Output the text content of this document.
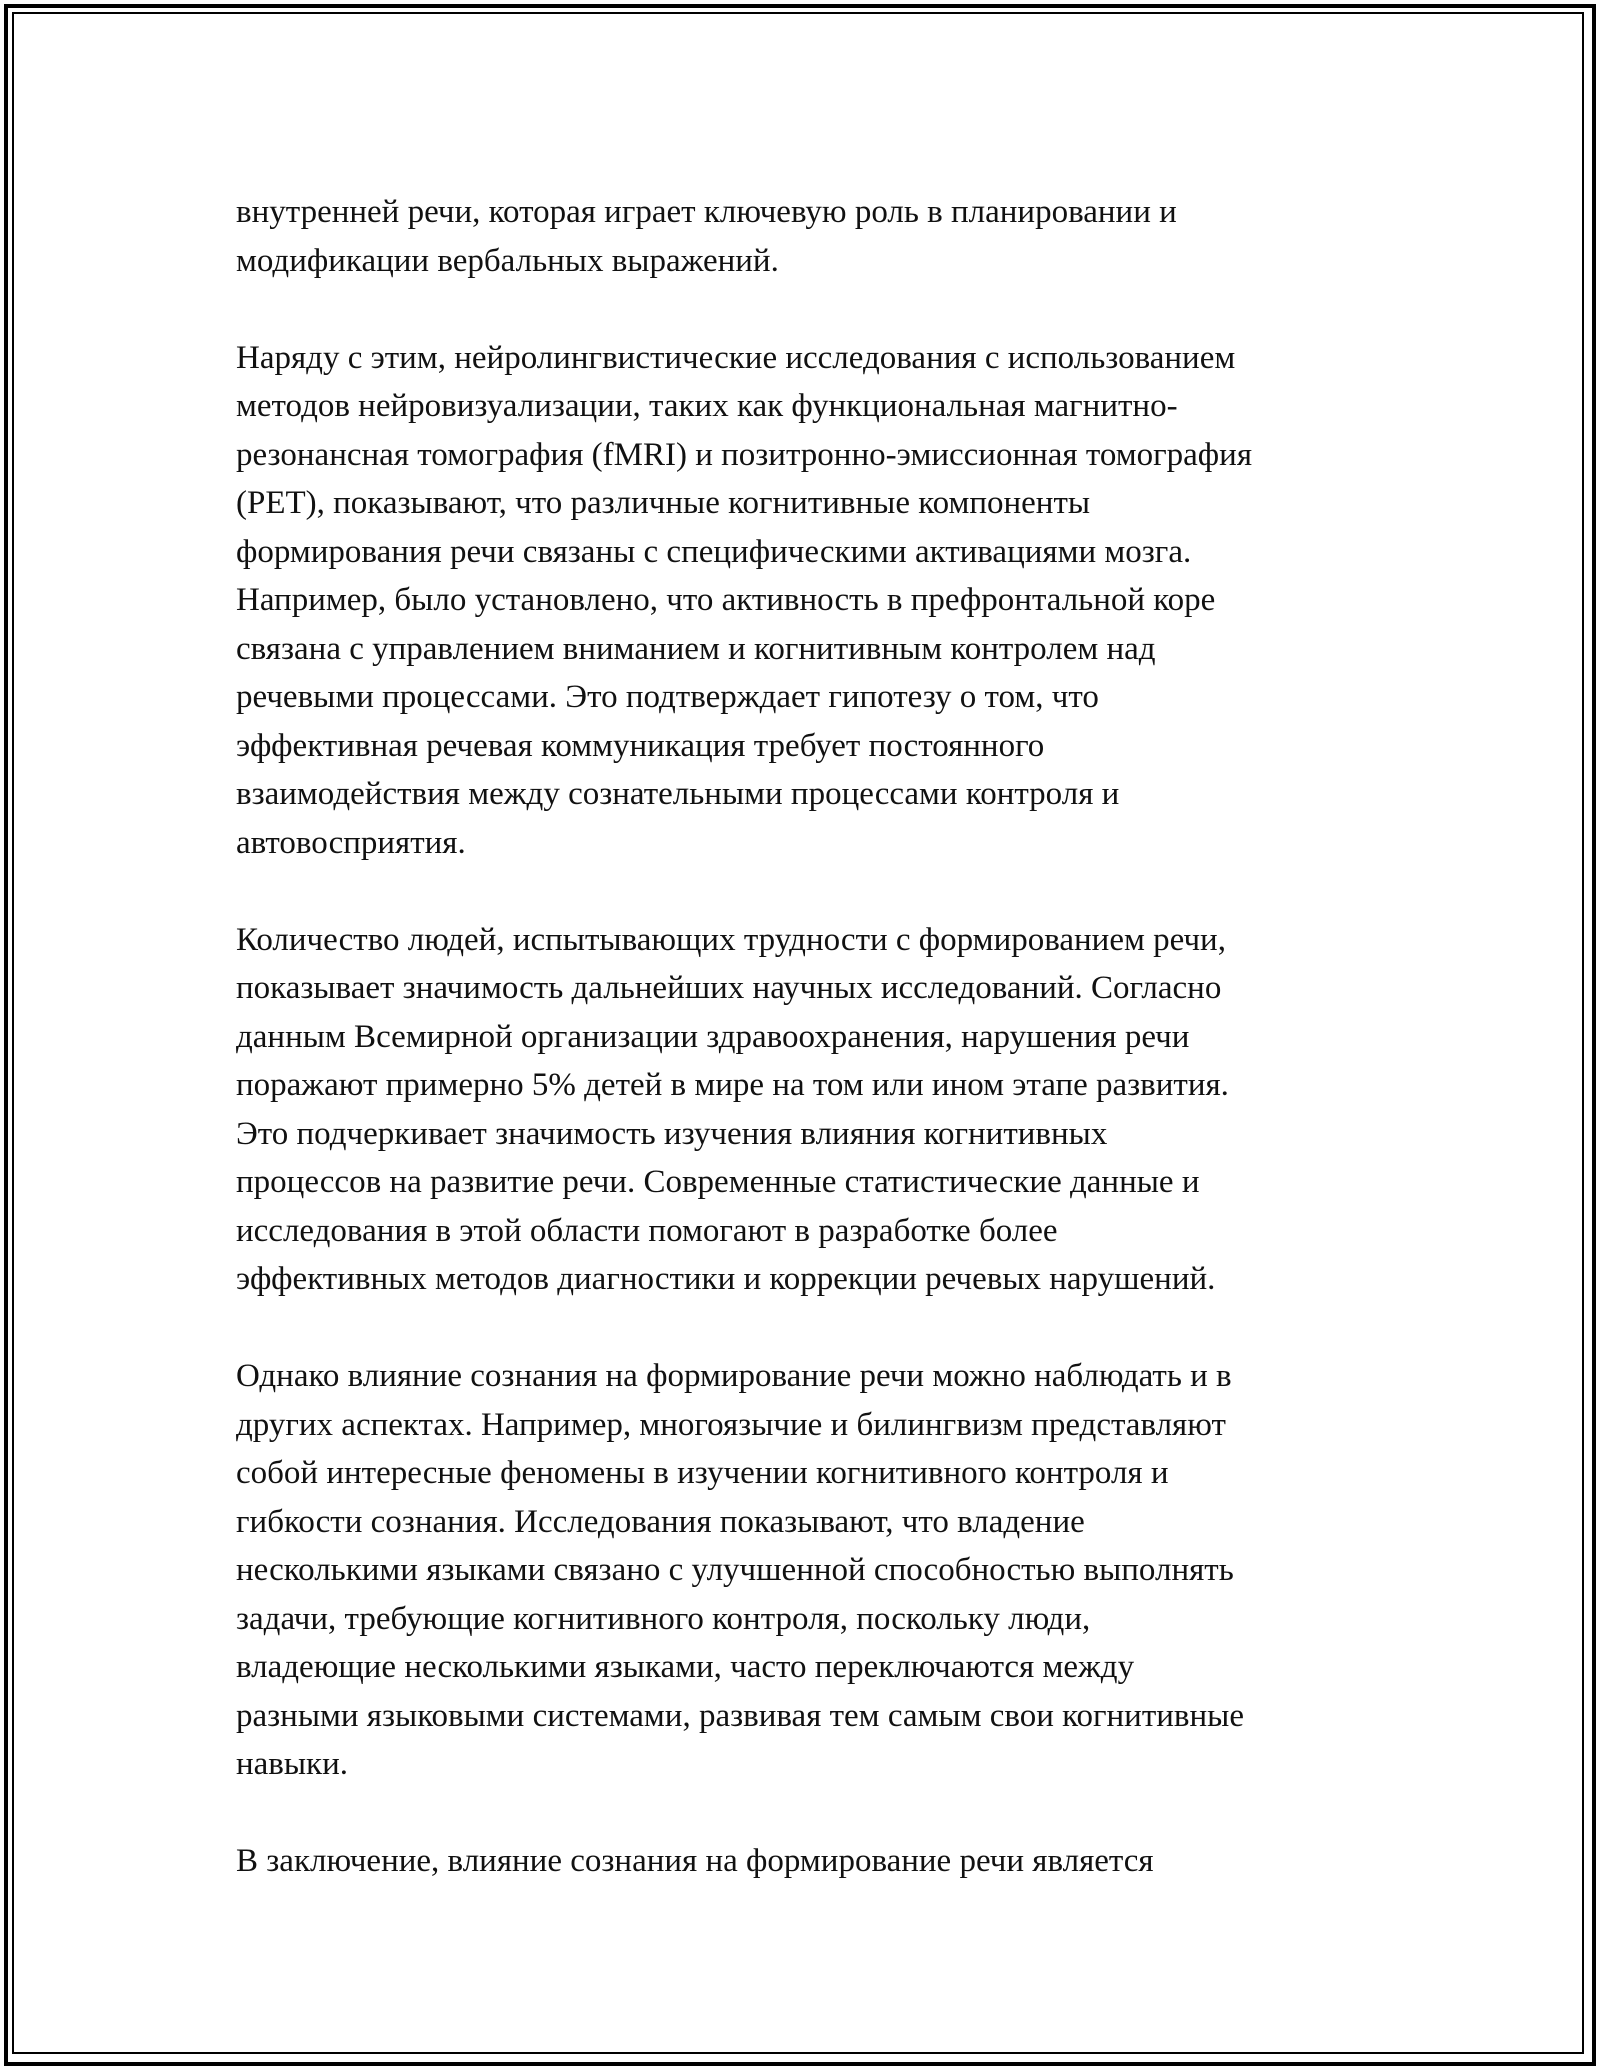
внутренней речи, которая играет ключевую роль в планировании и
модификации вербальных выражений.

Наряду с этим, нейролингвистические исследования с использованием
методов нейровизуализации, таких как функциональная магнитно-
резонансная томография (fMRI) и позитронно-эмиссионная томография
(PET), показывают, что различные когнитивные компоненты
формирования речи связаны с специфическими активациями мозга.
Например, было установлено, что активность в префронтальной коре
связана с управлением вниманием и когнитивным контролем над
речевыми процессами. Это подтверждает гипотезу о том, что
эффективная речевая коммуникация требует постоянного
взаимодействия между сознательными процессами контроля и
автовосприятия.

Количество людей, испытывающих трудности с формированием речи,
показывает значимость дальнейших научных исследований. Согласно
данным Всемирной организации здравоохранения, нарушения речи
поражают примерно 5% детей в мире на том или ином этапе развития.
Это подчеркивает значимость изучения влияния когнитивных
процессов на развитие речи. Современные статистические данные и
исследования в этой области помогают в разработке более
эффективных методов диагностики и коррекции речевых нарушений.

Однако влияние сознания на формирование речи можно наблюдать и в
других аспектах. Например, многоязычие и билингвизм представляют
собой интересные феномены в изучении когнитивного контроля и
гибкости сознания. Исследования показывают, что владение
несколькими языками связано с улучшенной способностью выполнять
задачи, требующие когнитивного контроля, поскольку люди,
владеющие несколькими языками, часто переключаются между
разными языковыми системами, развивая тем самым свои когнитивные
навыки.

В заключение, влияние сознания на формирование речи является
